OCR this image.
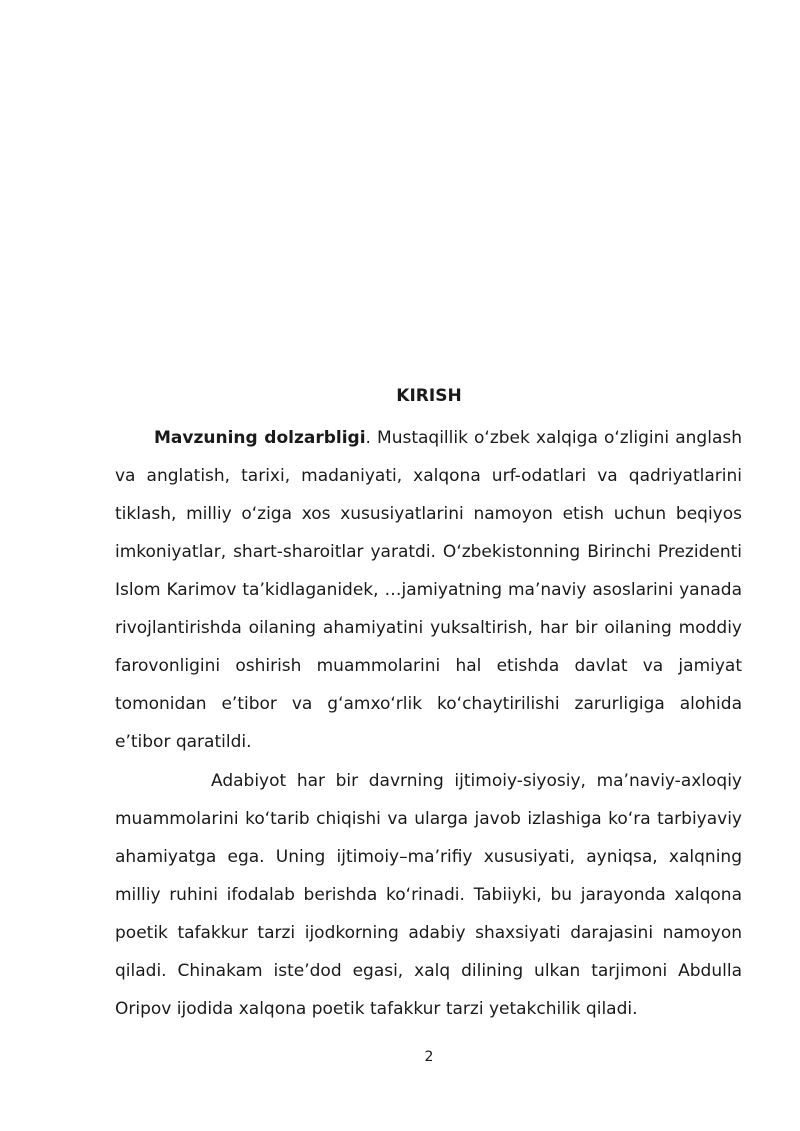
KIRISH

Mavzuning dolzarbligi. Mustaqillik o‘zbek xalqiga o‘zligini anglash va anglatish, tarixi, madaniyati, xalqona urf-odatlari va qadriyatlarini tiklash, milliy o‘ziga xos xususiyatlarini namoyon etish uchun beqiyos imkoniyatlar, shart-sharoitlar yaratdi. O‘zbekistonning Birinchi Prezidenti Islom Karimov ta’kidlaganidek, …jamiyatning ma’naviy asoslarini yanada rivojlantirishda oilaning ahamiyatini yuksaltirish, har bir oilaning moddiy farovonligini oshirish muammolarini hal etishda davlat va jamiyat tomonidan e’tibor va g‘amxo‘rlik ko‘chaytirilishi zarurligiga alohida e’tibor qaratildi.

Adabiyot har bir davrning ijtimoiy-siyosiy, ma’naviy-axloqiy muammolarini ko‘tarib chiqishi va ularga javob izlashiga ko‘ra tarbiyaviy ahamiyatga ega. Uning ijtimoiy–ma’rifiy xususiyati, ayniqsa, xalqning milliy ruhini ifodalab berishda ko‘rinadi. Tabiiyki, bu jarayonda xalqona poetik tafakkur tarzi ijodkorning adabiy shaxsiyati darajasini namoyon qiladi. Chinakam iste’dod egasi, xalq dilining ulkan tarjimoni Abdulla Oripov ijodida xalqona poetik tafakkur tarzi yetakchilik qiladi.

2
